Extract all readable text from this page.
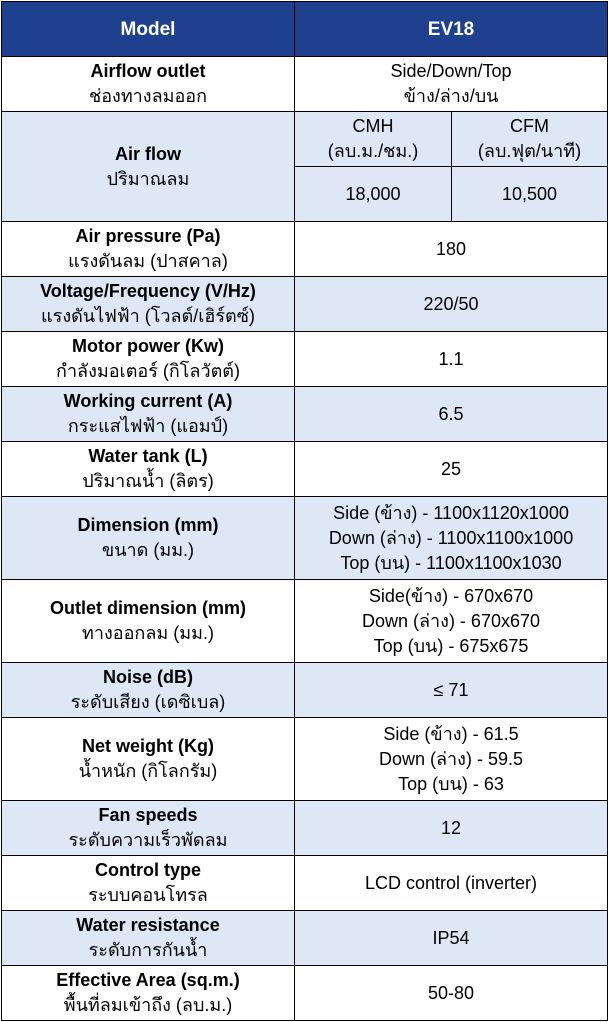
Model	EV18	

Airflow outlet
ช่องทางลมออก	Side/Down/Top
ข้าง/ล่าง/บน	

Air flow
ปริมาณลม	CMH
(ลบ.ม./ชม.)	CFM
(ลบ.ฟุต/นาที)

	18,000	10,500

Air pressure (Pa)
แรงดันลม (ปาสคาล)	180	

Voltage/Frequency (V/Hz)
แรงดันไฟฟ้า (โวลต์/เฮิร์ตซ์)	220/50	

Motor power (Kw)
กำลังมอเตอร์ (กิโลวัตต์)	1.1	

Working current (A)
กระแสไฟฟ้า (แอมป์)	6.5	

Water tank (L)
ปริมาณน้ำ (ลิตร)	25	

Dimension (mm)
ขนาด (มม.)	Side (ข้าง) - 1100x1120x1000
Down (ล่าง) - 1100x1100x1000
Top (บน) - 1100x1100x1030	

Outlet dimension (mm)
ทางออกลม (มม.)	Side(ข้าง) - 670x670
Down (ล่าง) - 670x670
Top (บน) - 675x675	

Noise (dB)
ระดับเสียง (เดซิเบล)	≤ 71	

Net weight (Kg)
น้ำหนัก (กิโลกรัม)	Side (ข้าง) - 61.5
Down (ล่าง) - 59.5
Top (บน) - 63	

Fan speeds
ระดับความเร็วพัดลม	12	

Control type
ระบบคอนโทรล	LCD control (inverter)	

Water resistance
ระดับการกันน้ำ	IP54	

Effective Area (sq.m.)
พื้นที่ลมเข้าถึง (ลบ.ม.)	50-80	
